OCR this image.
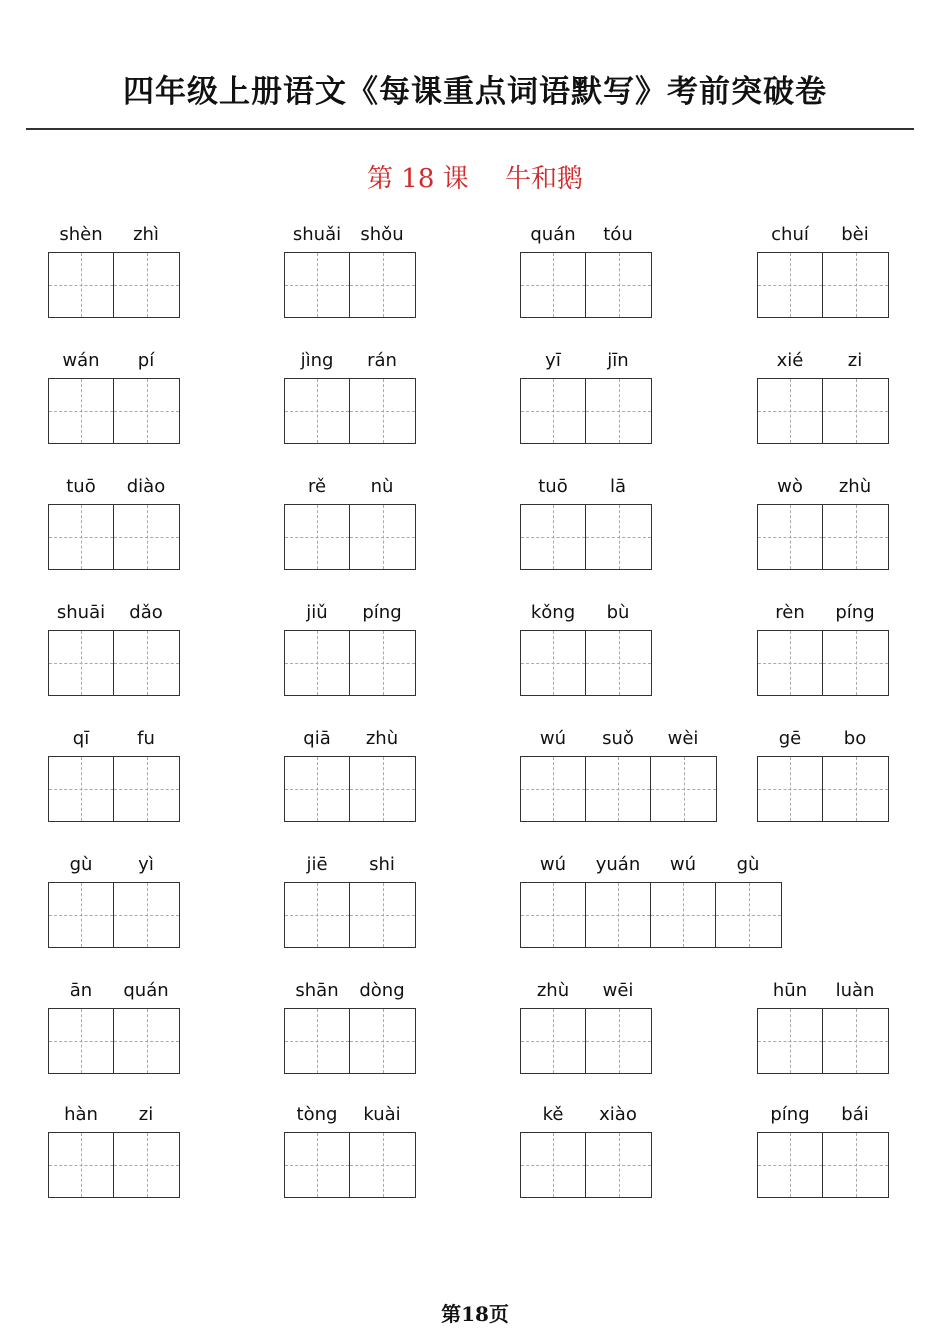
四年级上册语文《每课重点词语默写》考前突破卷
第 18 课 牛和鹅
shèn	zhì	shuǎi	shǒu	quán	tóu	chuí	bèi
wán	pí	jìng	rán	yī	jīn	xié	zi
tuō	diào	rě	nù	tuō	lā	wò	zhù
shuāi	dǎo	jiǔ	píng	kǒng	bù	rèn	píng
qī	fu	qiā	zhù	wú	suǒ	wèi	gē	bo
gù	yì	jiē	shi	wú	yuán	wú	gù
ān	quán	shān	dòng	zhù	wēi	hūn	luàn
hàn	zi	tòng	kuài	kě	xiào	píng	bái
第18页
